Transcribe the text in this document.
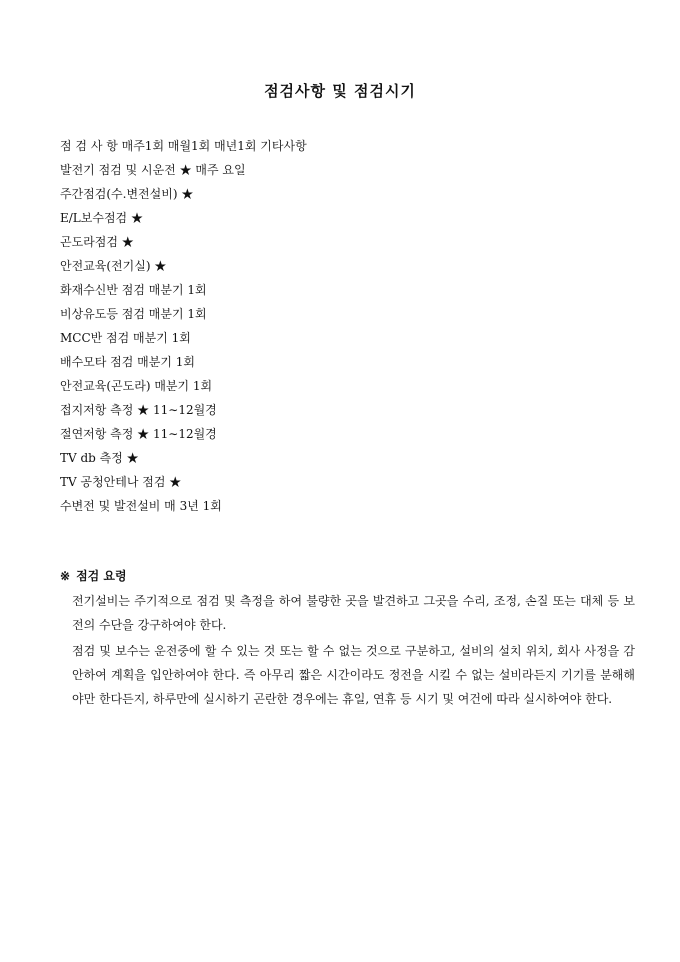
점검사항 및 점검시기
점 검 사 항 매주1회 매월1회 매년1회 기타사항
발전기 점검 및 시운전 ★ 매주 요일
주간점검(수.변전설비) ★
E/L보수점검 ★
곤도라점검 ★
안전교육(전기실) ★
화재수신반 점검 매분기 1회
비상유도등 점검 매분기 1회
MCC반 점검 매분기 1회
배수모타 점검 매분기 1회
안전교육(곤도라) 매분기 1회
접지저항 측정 ★ 11∼12월경
절연저항 측정 ★ 11∼12월경
TV db 측정 ★
TV 공청안테나 점검 ★
수변전 및 발전설비 매 3년 1회
※ 점검 요령

전기설비는 주기적으로 점검 및 측정을 하여 불량한 곳을 발견하고 그곳을 수리, 조정, 손질 또는 대체 등 보전의 수단을 강구하여야 한다.

점검 및 보수는 운전중에 할 수 있는 것 또는 할 수 없는 것으로 구분하고, 설비의 설치 위치, 회사 사정을 감안하여 계획을 입안하여야 한다. 즉 아무리 짧은 시간이라도 정전을 시킬 수 없는 설비라든지 기기를 분해해야만 한다든지, 하루만에 실시하기 곤란한 경우에는 휴일, 연휴 등 시기 및 여건에 따라 실시하여야 한다.
